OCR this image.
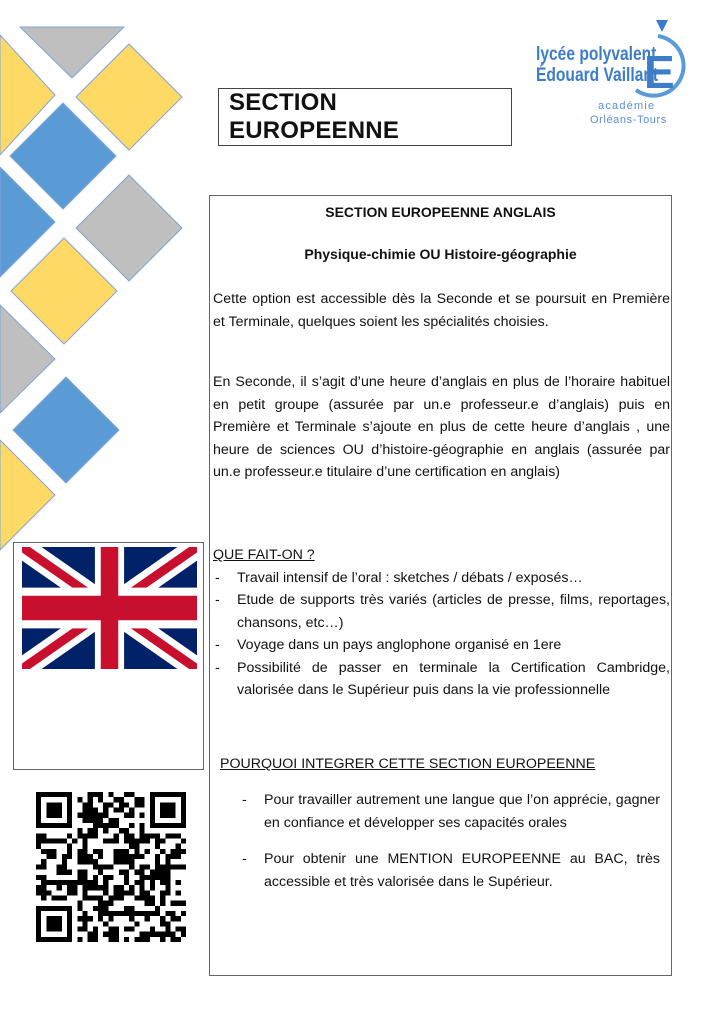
SECTION EUROPEENNE
E
lycée polyvalent
Édouard Vaillant
académie
Orléans-Tours
SECTION EUROPEENNE ANGLAIS
Physique-chimie OU Histoire-géographie
Cette option est accessible dès la Seconde et se poursuit en Première et Terminale, quelques soient les spécialités choisies.
En Seconde, il s’agit d’une heure d’anglais en plus de l’horaire habituel en petit groupe (assurée par un.e professeur.e d’anglais) puis en Première et Terminale s’ajoute en plus de cette heure d’anglais , une heure de sciences OU d’histoire-géographie en anglais (assurée par un.e professeur.e titulaire d’une certification en anglais)
QUE FAIT-ON ?
- Travail intensif de l’oral : sketches / débats / exposés…
- Etude de supports très variés (articles de presse, films, reportages, chansons, etc…)
- Voyage dans un pays anglophone organisé en 1ere
- Possibilité de passer en terminale la Certification Cambridge, valorisée dans le Supérieur puis dans la vie professionnelle
POURQUOI INTEGRER CETTE SECTION EUROPEENNE
- Pour travailler autrement une langue que l’on apprécie, gagner en confiance et développer ses capacités orales
- Pour obtenir une MENTION EUROPEENNE au BAC, très accessible et très valorisée dans le Supérieur.
